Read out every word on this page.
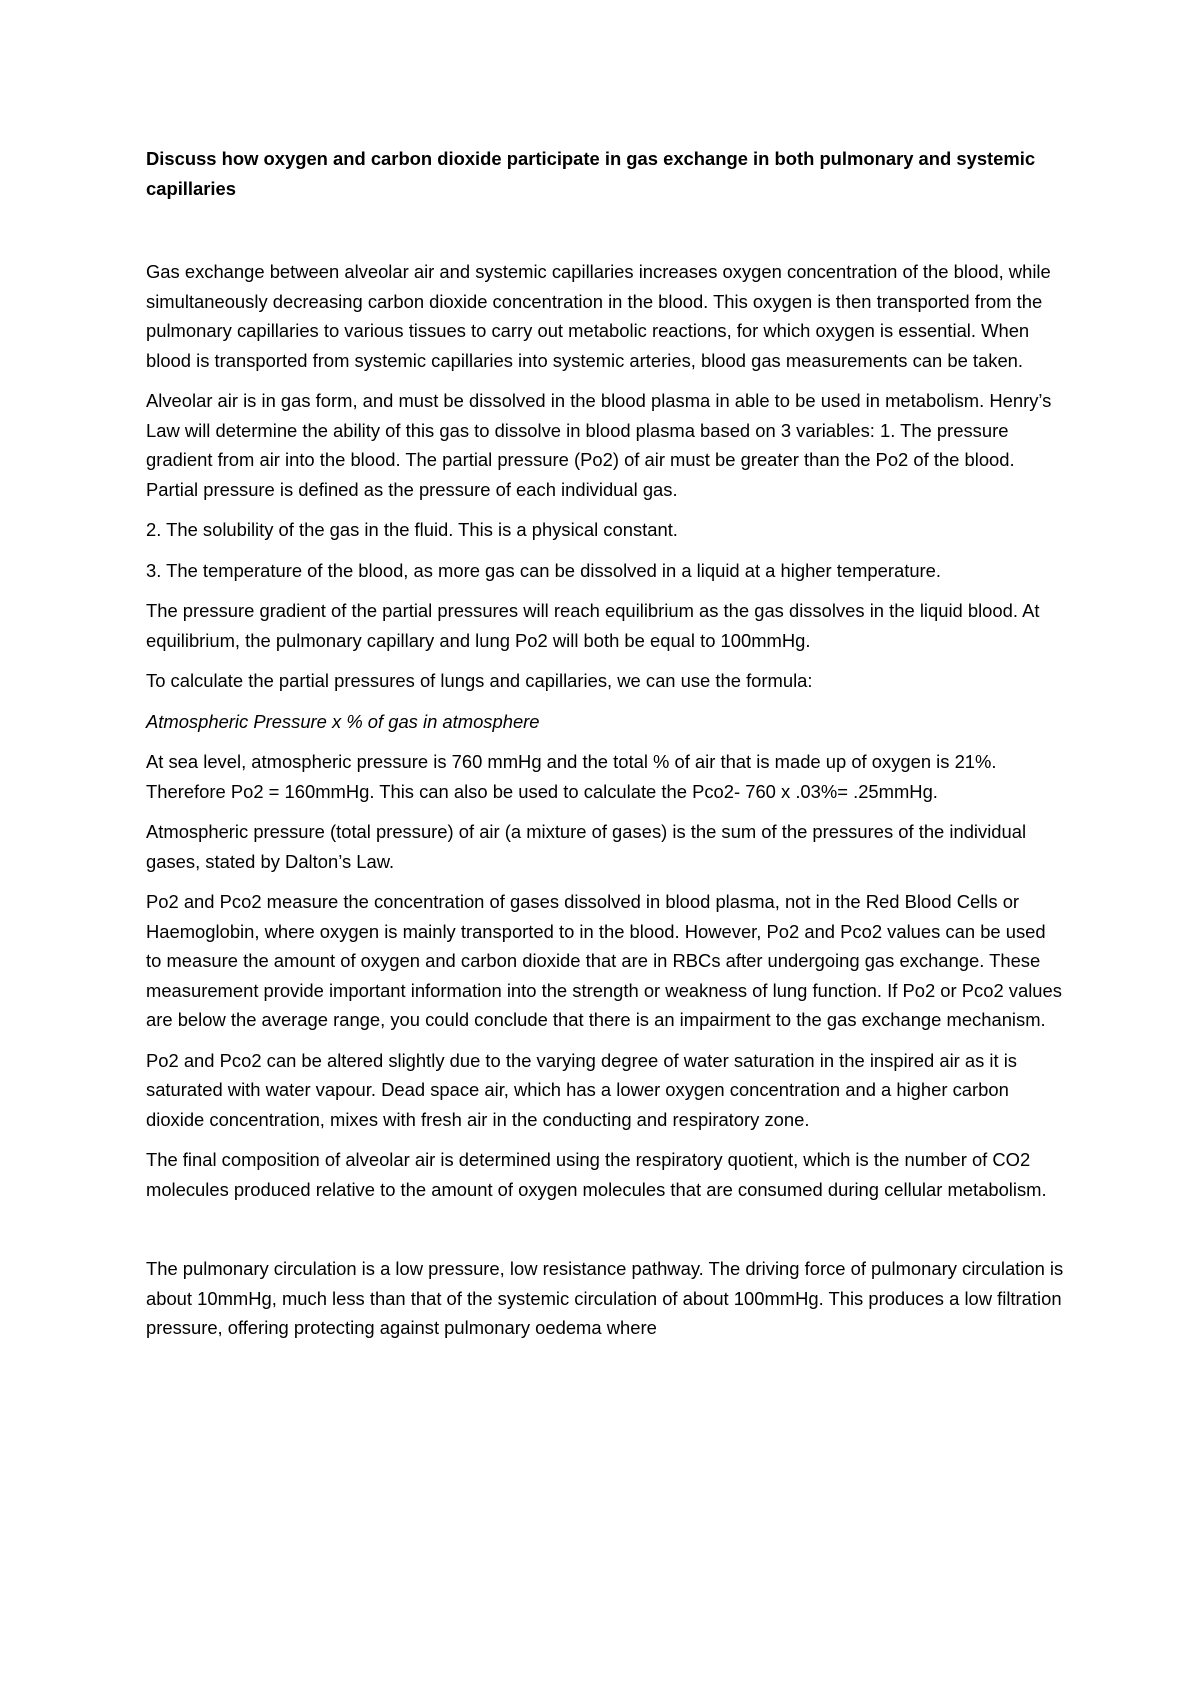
Discuss how oxygen and carbon dioxide participate in gas exchange in both pulmonary and systemic capillaries

Gas exchange between alveolar air and systemic capillaries increases oxygen concentration of the blood, while simultaneously decreasing carbon dioxide concentration in the blood. This oxygen is then transported from the pulmonary capillaries to various tissues to carry out metabolic reactions, for which oxygen is essential. When blood is transported from systemic capillaries into systemic arteries, blood gas measurements can be taken.

Alveolar air is in gas form, and must be dissolved in the blood plasma in able to be used in metabolism. Henry’s Law will determine the ability of this gas to dissolve in blood plasma based on 3 variables: 1. The pressure gradient from air into the blood. The partial pressure (Po2) of air must be greater than the Po2 of the blood. Partial pressure is defined as the pressure of each individual gas.

2. The solubility of the gas in the fluid. This is a physical constant.

3. The temperature of the blood, as more gas can be dissolved in a liquid at a higher temperature.

The pressure gradient of the partial pressures will reach equilibrium as the gas dissolves in the liquid blood. At equilibrium, the pulmonary capillary and lung Po2 will both be equal to 100mmHg.

To calculate the partial pressures of lungs and capillaries, we can use the formula:

Atmospheric Pressure x % of gas in atmosphere

At sea level, atmospheric pressure is 760 mmHg and the total % of air that is made up of oxygen is 21%. Therefore Po2 = 160mmHg. This can also be used to calculate the Pco2- 760 x .03%= .25mmHg.

Atmospheric pressure (total pressure) of air (a mixture of gases) is the sum of the pressures of the individual gases, stated by Dalton’s Law.

Po2 and Pco2 measure the concentration of gases dissolved in blood plasma, not in the Red Blood Cells or Haemoglobin, where oxygen is mainly transported to in the blood. However, Po2 and Pco2 values can be used to measure the amount of oxygen and carbon dioxide that are in RBCs after undergoing gas exchange. These measurement provide important information into the strength or weakness of lung function. If Po2 or Pco2 values are below the average range, you could conclude that there is an impairment to the gas exchange mechanism.

Po2 and Pco2 can be altered slightly due to the varying degree of water saturation in the inspired air as it is saturated with water vapour. Dead space air, which has a lower oxygen concentration and a higher carbon dioxide concentration, mixes with fresh air in the conducting and respiratory zone.

The final composition of alveolar air is determined using the respiratory quotient, which is the number of CO2 molecules produced relative to the amount of oxygen molecules that are consumed during cellular metabolism.

The pulmonary circulation is a low pressure, low resistance pathway. The driving force of pulmonary circulation is about 10mmHg, much less than that of the systemic circulation of about 100mmHg. This produces a low filtration pressure, offering protecting against pulmonary oedema where
